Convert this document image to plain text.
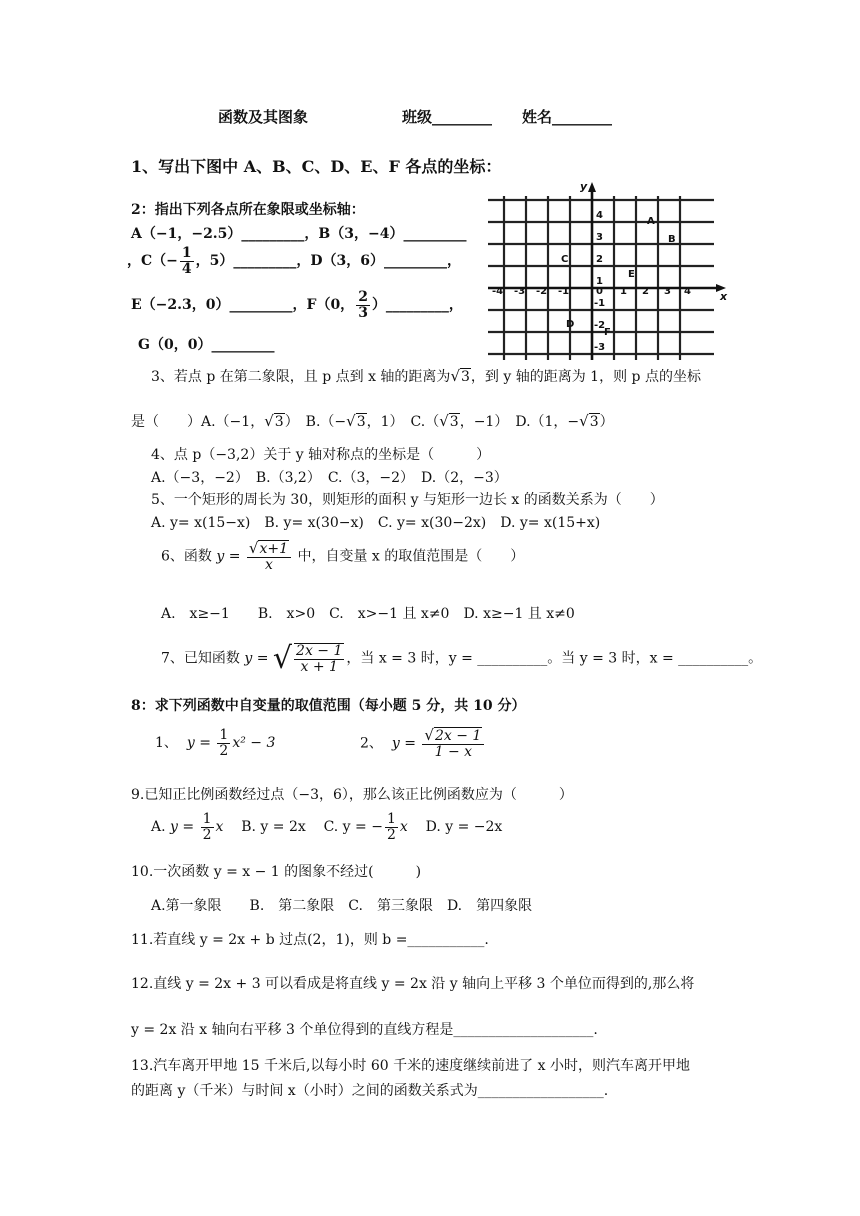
函数及其图象	班级________ 姓名________
1、写出下图中 A、B、C、D、E、F 各点的坐标：
2：指出下列各点所在象限或坐标轴：
A（−1，−2.5）_________，B（3，−4）_________
，$C(- \frac{1}{4}$ ，5）_________，D（3，6）_________，
E（−2.3，0）_________，F（0， $\frac{2}{3}$ ）_________，
G（0，0）_________
-4 -3 -2 -1	0 1 2 3 4
4
3
2
1
-1
-2
-3
x
y
A
B
C
D
E
F
3、若点 p 在第二象限，且 p 点到 x 轴的距离为√3，到 y 轴的距离为 1，则 p 点的坐标
是（　　）A.（−1，√3）　B.（−√3，1）　C.（√3，−1）　D.（1，−√3）
4、点 p（−3,2）关于 y 轴对称点的坐标是（　　　）
A.（−3，−2）　B.（3,2）　C.（3，−2）　D.（2，−3）
5、一个矩形的周长为 30，则矩形的面积 y 与矩形一边长 x 的函数关系为（　　）
A. y= x(15−x)　B. y= x(30−x)　C. y= x(30−2x)　D. y= x(15+x)
6、函数 $y = \frac{√x+1}{x}$ 中，自变量 x 的取值范围是（　　）
A.　x≥−1　　B.　x>0　C.　x>−1 且 x≠0　D. x≥−1 且 x≠0
7、已知函数 y = √ $\frac{2x - 1}{x + 1}$ ，当 x = 3 时，y = __________。当 y = 3 时，x = __________。
8：求下列函数中自变量的取值范围（每小题 5 分，共 10 分）
1、 $y = \frac{1}{2} x^2 - 3$	2、 $y = \frac{√2x - 1}{1 - x}$
9.已知正比例函数经过点（−3，6），那么该正比例函数应为（　　　）
A. $y = \frac{1}{2}$ x B. y = 2x C. y = − $\frac{1}{2}$ x D. y = −2x
10.一次函数 y = x − 1 的图象不经过(　　　)
A.第一象限　　B.　第二象限　C.　第三象限　D.　第四象限
11.若直线 y = 2x + b 过点(2，1)，则 b =___________.
12.直线 y = 2x + 3 可以看成是将直线 y = 2x 沿 y 轴向上平移 3 个单位而得到的,那么将
y = 2x 沿 x 轴向右平移 3 个单位得到的直线方程是____________________.
13.汽车离开甲地 15 千米后,以每小时 60 千米的速度继续前进了 x 小时，则汽车离开甲地
的距离 y（千米）与时间 x（小时）之间的函数关系式为__________________.
